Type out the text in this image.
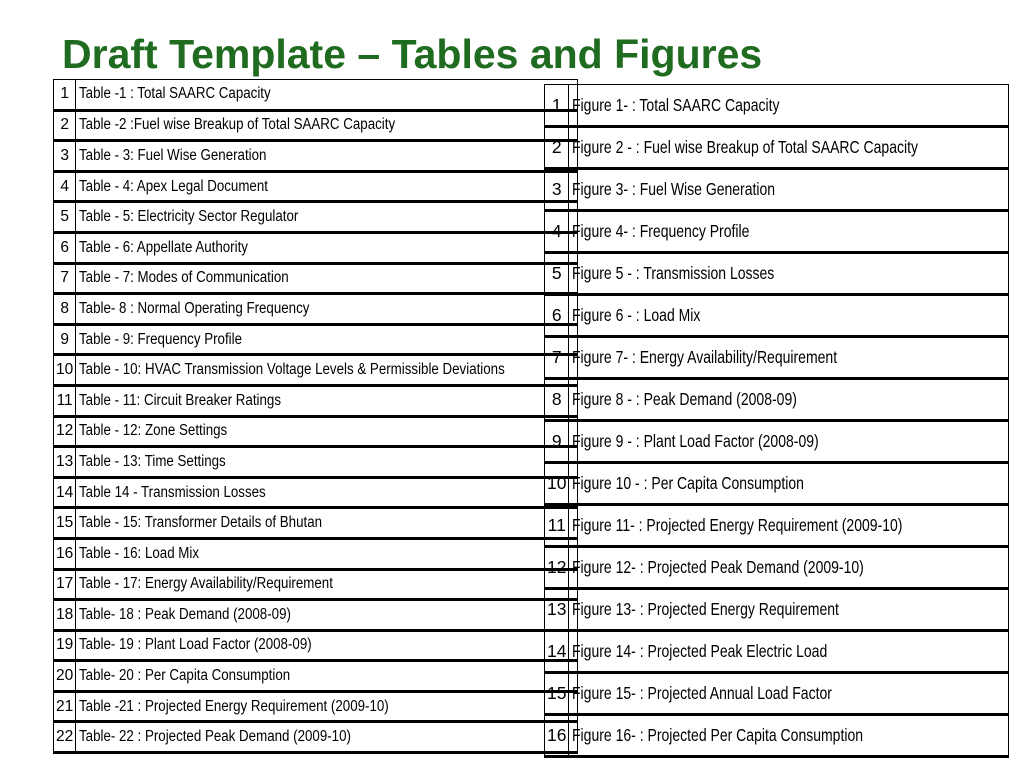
Draft Template – Tables and Figures
1	Table -1 : Total SAARC Capacity
2	Table -2 :Fuel wise Breakup of Total SAARC Capacity
3	Table - 3: Fuel Wise Generation
4	Table - 4: Apex Legal Document
5	Table - 5: Electricity Sector Regulator
6	Table - 6: Appellate Authority
7	Table - 7: Modes of Communication
8	Table- 8 : Normal Operating Frequency
9	Table - 9: Frequency Profile
10	Table - 10: HVAC Transmission Voltage Levels & Permissible Deviations
11	Table - 11: Circuit Breaker Ratings
12	Table - 12: Zone Settings
13	Table - 13: Time Settings
14	Table 14 - Transmission Losses
15	Table - 15: Transformer Details of Bhutan
16	Table - 16: Load Mix
17	Table - 17: Energy Availability/Requirement
18	Table- 18 : Peak Demand (2008-09)
19	Table- 19 : Plant Load Factor (2008-09)
20	Table- 20 : Per Capita Consumption
21	Table -21 : Projected Energy Requirement (2009-10)
22	Table- 22 : Projected Peak Demand (2009-10)
1	Figure 1- : Total SAARC Capacity
2	Figure 2 - : Fuel wise Breakup of Total SAARC Capacity
3	Figure 3- : Fuel Wise Generation
4	Figure 4- : Frequency Profile
5	Figure 5 - : Transmission Losses
6	Figure 6 - : Load Mix
7	Figure 7- : Energy Availability/Requirement
8	Figure 8 - : Peak Demand (2008-09)
9	Figure 9 - : Plant Load Factor (2008-09)
10	Figure 10 - : Per Capita Consumption
11	Figure 11- : Projected Energy Requirement (2009-10)
12	Figure 12- : Projected Peak Demand (2009-10)
13	Figure 13- : Projected Energy Requirement
14	Figure 14- : Projected Peak Electric Load
15	Figure 15- : Projected Annual Load Factor
16	Figure 16- : Projected Per Capita Consumption
